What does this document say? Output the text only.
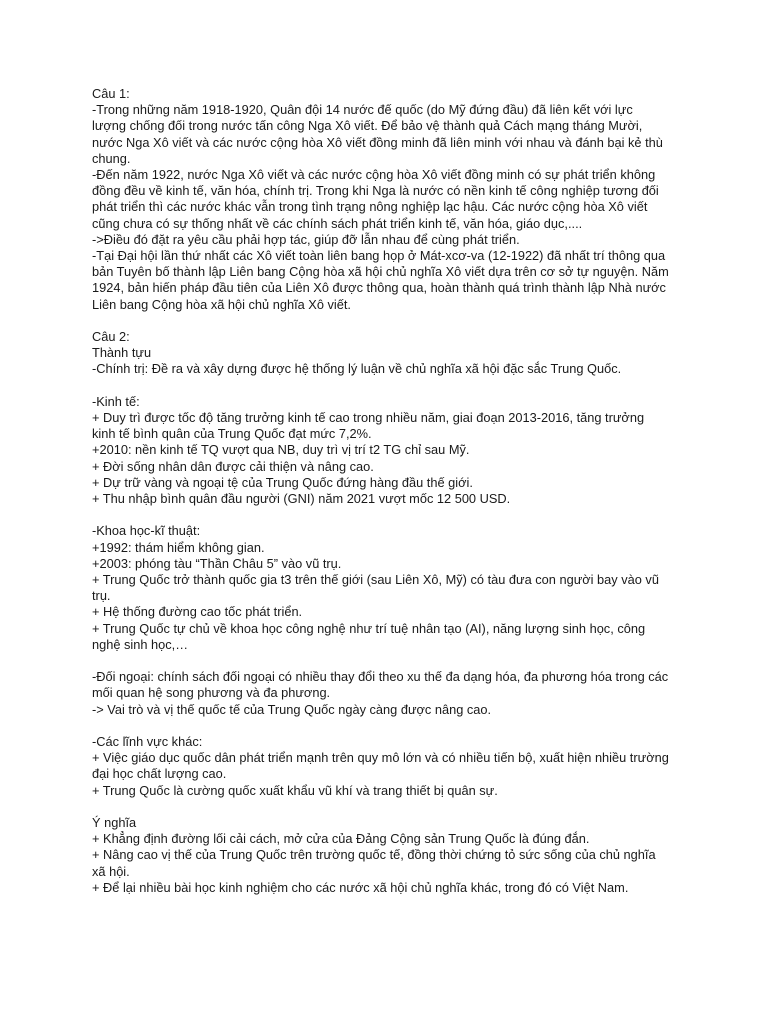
Câu 1:
-Trong những năm 1918-1920, Quân đội 14 nước đế quốc (do Mỹ đứng đầu) đã liên kết với lực
lượng chống đối trong nước tấn công Nga Xô viết. Để bảo vệ thành quả Cách mạng tháng Mười,
nước Nga Xô viết và các nước cộng hòa Xô viết đồng minh đã liên minh với nhau và đánh bại kẻ thù
chung.
-Đến năm 1922, nước Nga Xô viết và các nước cộng hòa Xô viết đồng minh có sự phát triển không
đồng đều về kinh tế, văn hóa, chính trị. Trong khi Nga là nước có nền kinh tế công nghiệp tương đối
phát triển thì các nước khác vẫn trong tình trạng nông nghiệp lạc hậu. Các nước cộng hòa Xô viết
cũng chưa có sự thống nhất về các chính sách phát triển kinh tế, văn hóa, giáo dục,....
->Điều đó đặt ra yêu cầu phải hợp tác, giúp đỡ lẫn nhau để cùng phát triển.
-Tại Đại hội lần thứ nhất các Xô viết toàn liên bang họp ở Mát-xcơ-va (12-1922) đã nhất trí thông qua
bản Tuyên bố thành lập Liên bang Cộng hòa xã hội chủ nghĩa Xô viết dựa trên cơ sở tự nguyện. Năm
1924, bản hiến pháp đầu tiên của Liên Xô được thông qua, hoàn thành quá trình thành lập Nhà nước
Liên bang Cộng hòa xã hội chủ nghĩa Xô viết.
Câu 2:
Thành tựu
-Chính trị: Đề ra và xây dựng được hệ thống lý luận về chủ nghĩa xã hội đặc sắc Trung Quốc.
-Kinh tế:
+ Duy trì được tốc độ tăng trưởng kinh tế cao trong nhiều năm, giai đoạn 2013-2016, tăng trưởng
kinh tế bình quân của Trung Quốc đạt mức 7,2%.
+2010: nền kinh tế TQ vượt qua NB, duy trì vị trí t2 TG chỉ sau Mỹ.
+ Đời sống nhân dân được cải thiện và nâng cao.
+ Dự trữ vàng và ngoại tệ của Trung Quốc đứng hàng đầu thế giới.
+ Thu nhập bình quân đầu người (GNI) năm 2021 vượt mốc 12 500 USD.
-Khoa học-kĩ thuật:
+1992: thám hiểm không gian.
+2003: phóng tàu “Thần Châu 5” vào vũ trụ.
+ Trung Quốc trở thành quốc gia t3 trên thế giới (sau Liên Xô, Mỹ) có tàu đưa con người bay vào vũ
trụ.
+ Hệ thống đường cao tốc phát triển.
+ Trung Quốc tự chủ về khoa học công nghệ như trí tuệ nhân tạo (AI), năng lượng sinh học, công
nghệ sinh học,…
-Đối ngoại: chính sách đối ngoại có nhiều thay đổi theo xu thế đa dạng hóa, đa phương hóa trong các
mối quan hệ song phương và đa phương.
-> Vai trò và vị thế quốc tế của Trung Quốc ngày càng được nâng cao.
-Các lĩnh vực khác:
+ Việc giáo dục quốc dân phát triển mạnh trên quy mô lớn và có nhiều tiến bộ, xuất hiện nhiều trường
đại học chất lượng cao.
+ Trung Quốc là cường quốc xuất khẩu vũ khí và trang thiết bị quân sự.
Ý nghĩa
+ Khẳng định đường lối cải cách, mở cửa của Đảng Cộng sản Trung Quốc là đúng đắn.
+ Nâng cao vị thế của Trung Quốc trên trường quốc tế, đồng thời chứng tỏ sức sống của chủ nghĩa
xã hội.
+ Để lại nhiều bài học kinh nghiệm cho các nước xã hội chủ nghĩa khác, trong đó có Việt Nam.
